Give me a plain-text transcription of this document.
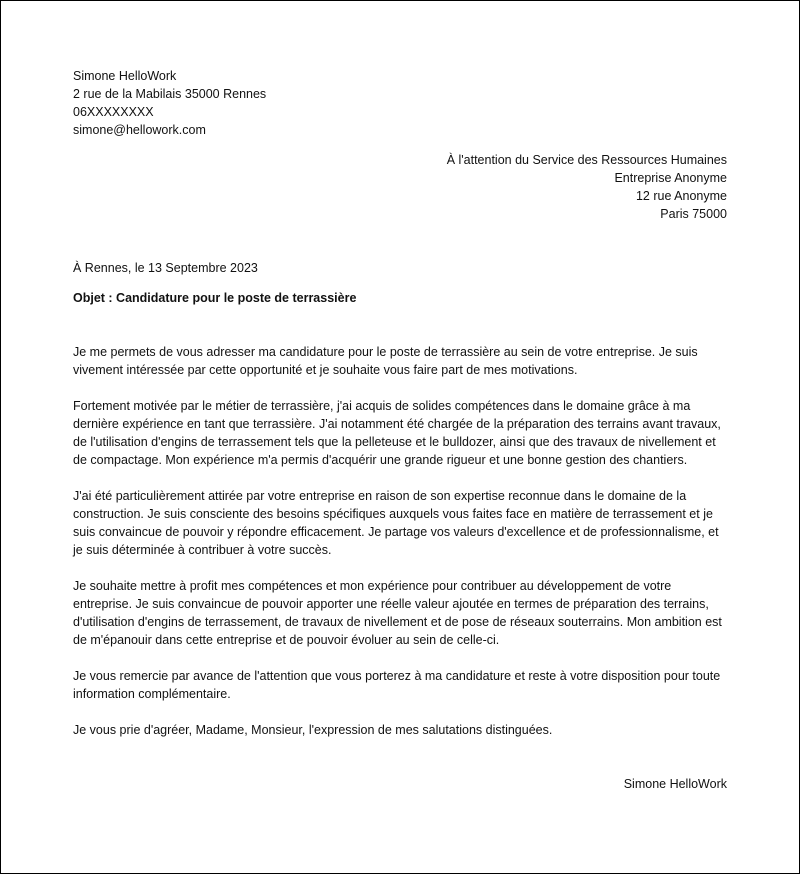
Simone HelloWork
2 rue de la Mabilais 35000 Rennes
06XXXXXXXX
simone@hellowork.com
À l'attention du Service des Ressources Humaines
Entreprise Anonyme
12 rue Anonyme
Paris 75000
À Rennes, le 13 Septembre 2023
Objet : Candidature pour le poste de terrassière

Je me permets de vous adresser ma candidature pour le poste de terrassière au sein de votre entreprise. Je suis vivement intéressée par cette opportunité et je souhaite vous faire part de mes motivations.

Fortement motivée par le métier de terrassière, j'ai acquis de solides compétences dans le domaine grâce à ma dernière expérience en tant que terrassière. J'ai notamment été chargée de la préparation des terrains avant travaux, de l'utilisation d'engins de terrassement tels que la pelleteuse et le bulldozer, ainsi que des travaux de nivellement et de compactage. Mon expérience m'a permis d'acquérir une grande rigueur et une bonne gestion des chantiers.

J'ai été particulièrement attirée par votre entreprise en raison de son expertise reconnue dans le domaine de la construction. Je suis consciente des besoins spécifiques auxquels vous faites face en matière de terrassement et je suis convaincue de pouvoir y répondre efficacement. Je partage vos valeurs d'excellence et de professionnalisme, et je suis déterminée à contribuer à votre succès.

Je souhaite mettre à profit mes compétences et mon expérience pour contribuer au développement de votre entreprise. Je suis convaincue de pouvoir apporter une réelle valeur ajoutée en termes de préparation des terrains, d'utilisation d'engins de terrassement, de travaux de nivellement et de pose de réseaux souterrains. Mon ambition est de m'épanouir dans cette entreprise et de pouvoir évoluer au sein de celle-ci.

Je vous remercie par avance de l'attention que vous porterez à ma candidature et reste à votre disposition pour toute information complémentaire.

Je vous prie d'agréer, Madame, Monsieur, l'expression de mes salutations distinguées.

Simone HelloWork
